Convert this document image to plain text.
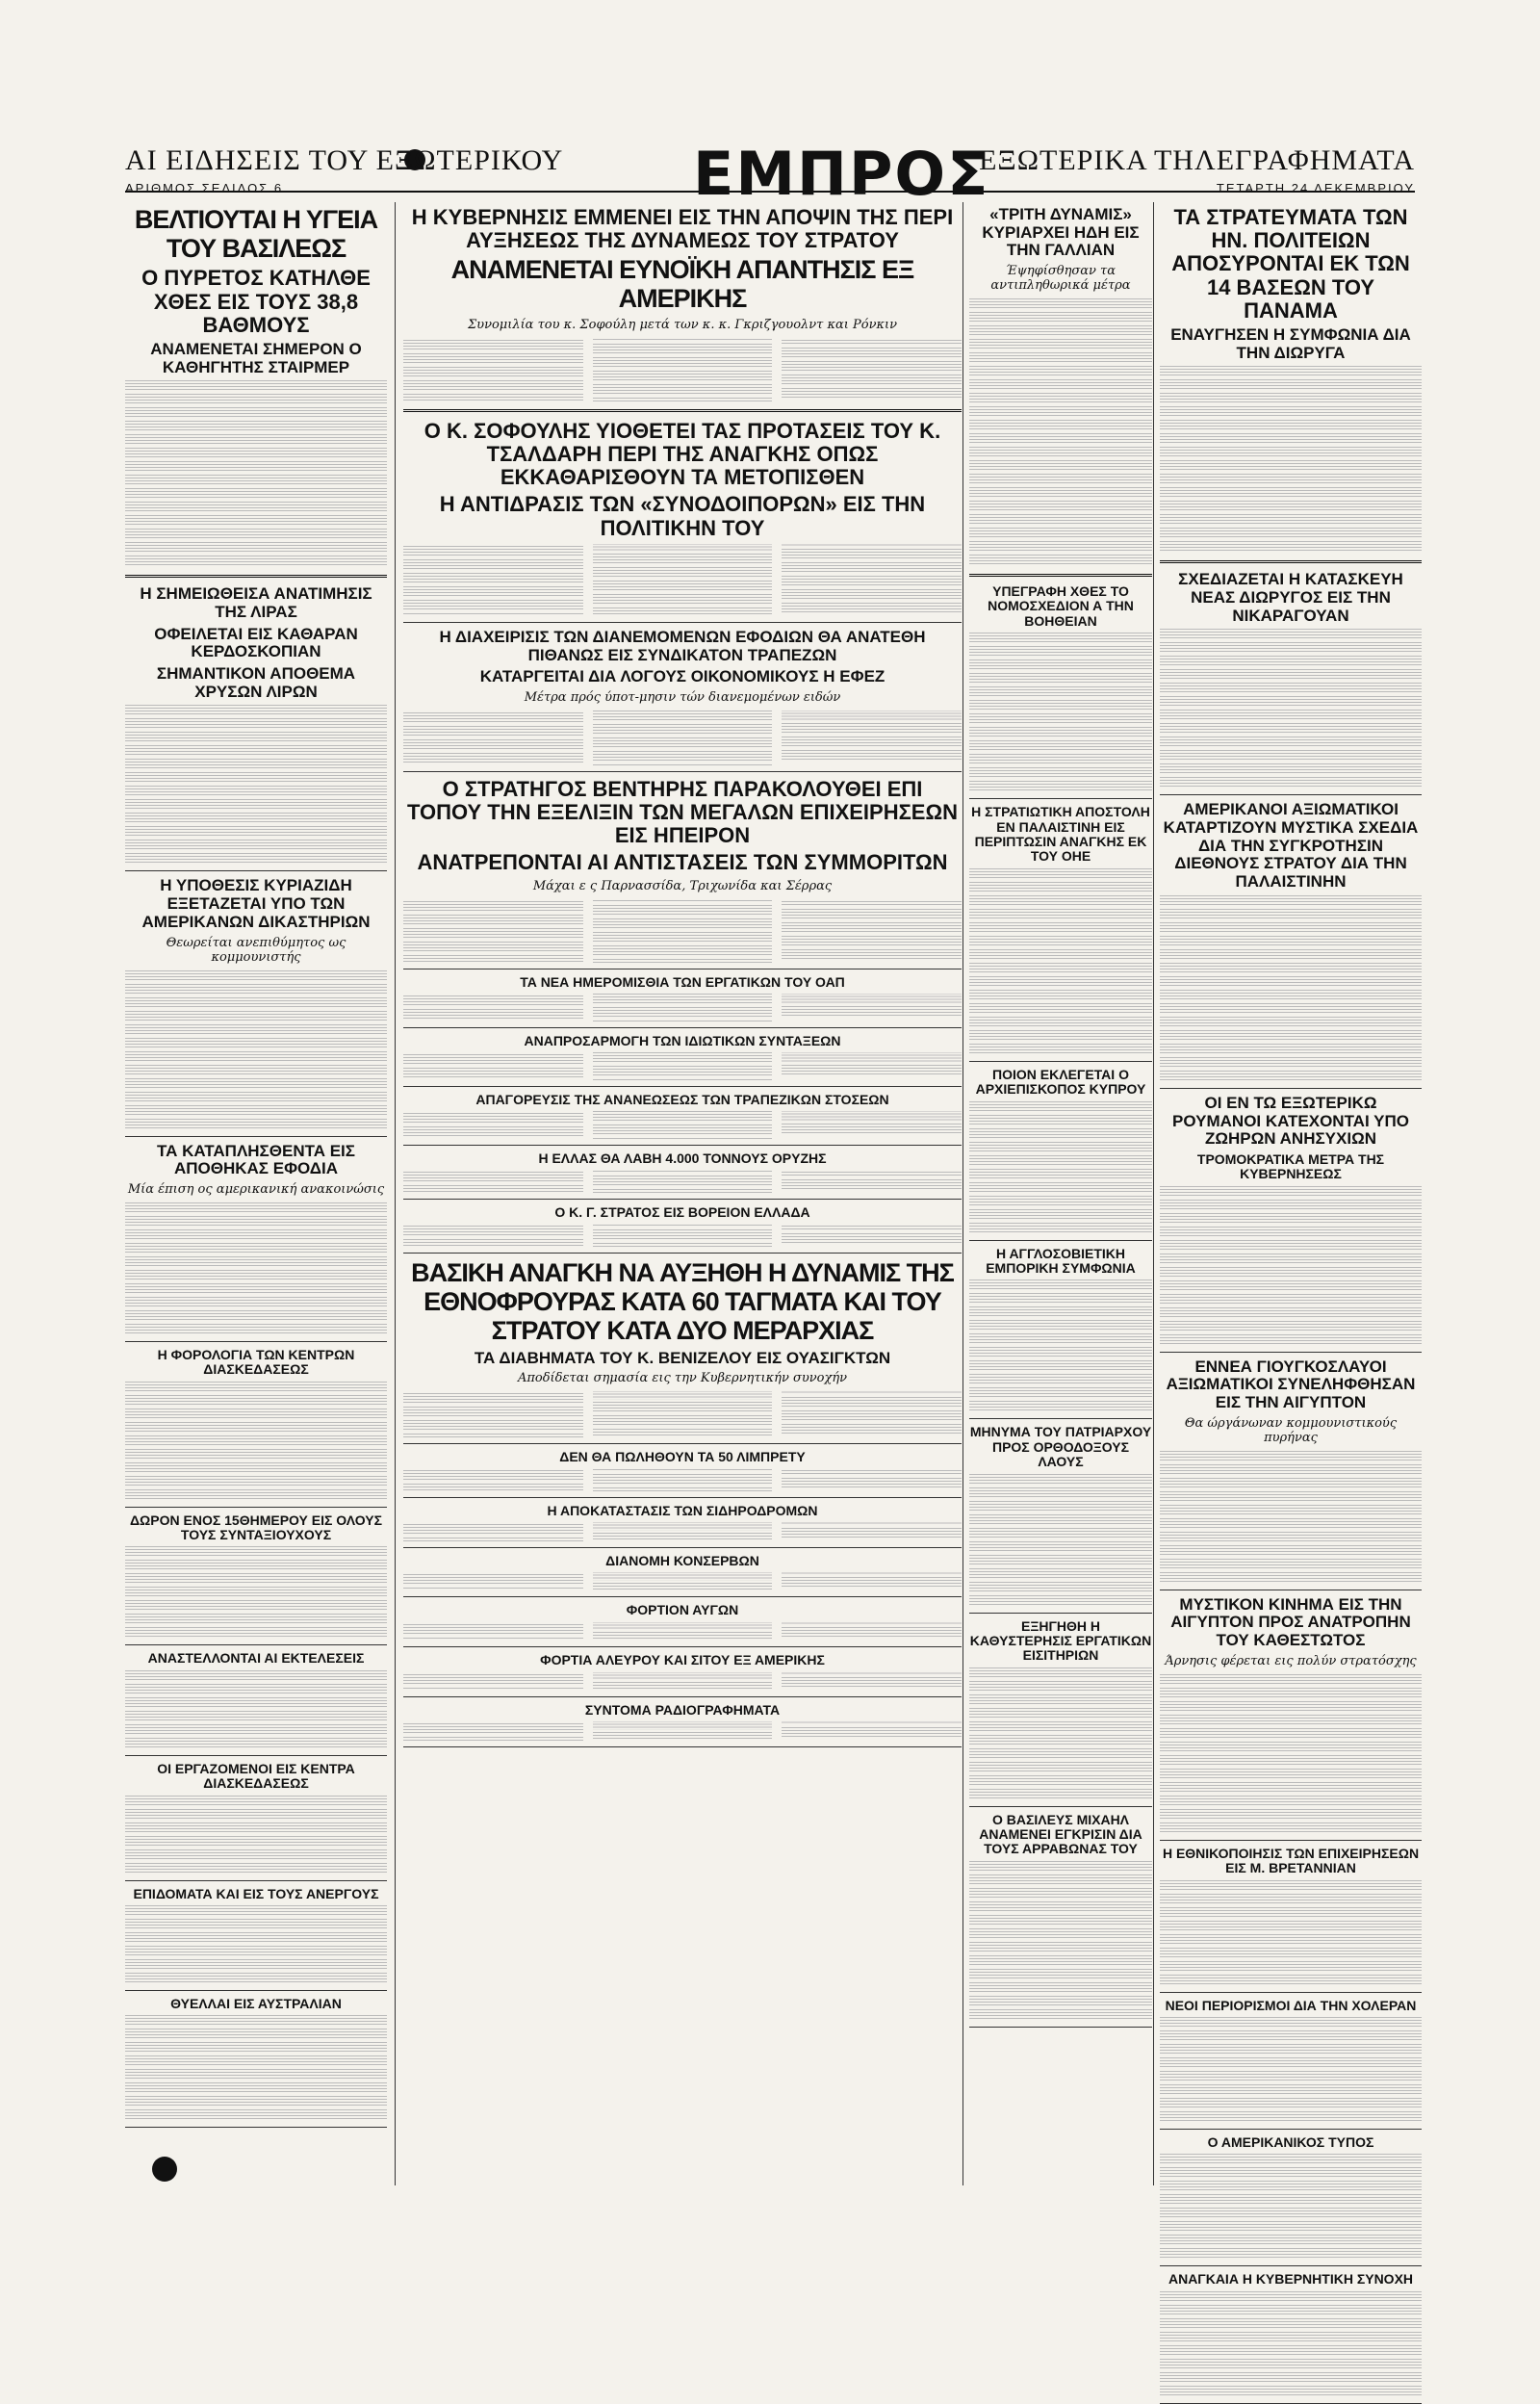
ΑΙ ΕΙΔΗΣΕΙΣ ΤΟΥ ΕΞΩΤΕΡΙΚΟΥ
ΑΡΙΘΜΟΣ ΣΕΛΙΔΟΣ 6	ΕΜΠΡΟΣ
ΕΞΩΤΕΡΙΚΑ ΤΗΛΕΓΡΑΦΗΜΑΤΑ
ΤΕΤΑΡΤΗ 24 ΔΕΚΕΜΒΡΙΟΥ
ΒΕΛΤΙΟΥΤΑΙ Η ΥΓΕΙΑ ΤΟΥ ΒΑΣΙΛΕΩΣ
Ο ΠΥΡΕΤΟΣ ΚΑΤΗΛΘΕ ΧΘΕΣ ΕΙΣ ΤΟΥΣ 38,8 ΒΑΘΜΟΥΣ
ΑΝΑΜΕΝΕΤΑΙ ΣΗΜΕΡΟΝ Ο ΚΑΘΗΓΗΤΗΣ ΣΤΑΙΡΜΕΡ
Η ΣΗΜΕΙΩΘΕΙΣΑ ΑΝΑΤΙΜΗΣΙΣ ΤΗΣ ΛΙΡΑΣ
ΟΦΕΙΛΕΤΑΙ ΕΙΣ ΚΑΘΑΡΑΝ ΚΕΡΔΟΣΚΟΠΙΑΝ
ΣΗΜΑΝΤΙΚΟΝ ΑΠΟΘΕΜΑ ΧΡΥΣΩΝ ΛΙΡΩΝ
Η ΥΠΟΘΕΣΙΣ ΚΥΡΙΑΖΙΔΗ ΕΞΕΤΑΖΕΤΑΙ ΥΠΟ ΤΩΝ ΑΜΕΡΙΚΑΝΩΝ ΔΙΚΑΣΤΗΡΙΩΝ
Θεωρείται ανεπιθύμητος ως κομμουνιστής
ΤΑ ΚΑΤΑΠΛΗΣΘΕΝΤΑ ΕΙΣ ΑΠΟΘΗΚΑΣ ΕΦΟΔΙΑ
Μία έπιση ος αμερικανική ανακοινώσις
Η ΦΟΡΟΛΟΓΙΑ ΤΩΝ ΚΕΝΤΡΩΝ ΔΙΑΣΚΕΔΑΣΕΩΣ
ΔΩΡΟΝ ΕΝΟΣ 15ΘΗΜΕΡΟΥ ΕΙΣ ΟΛΟΥΣ ΤΟΥΣ ΣΥΝΤΑΞΙΟΥΧΟΥΣ
ΑΝΑΣΤΕΛΛΟΝΤΑΙ ΑΙ ΕΚΤΕΛΕΣΕΙΣ
ΟΙ ΕΡΓΑΖΟΜΕΝΟΙ ΕΙΣ ΚΕΝΤΡΑ ΔΙΑΣΚΕΔΑΣΕΩΣ
ΕΠΙΔΟΜΑΤΑ ΚΑΙ ΕΙΣ ΤΟΥΣ ΑΝΕΡΓΟΥΣ
ΘΥΕΛΛΑΙ ΕΙΣ ΑΥΣΤΡΑΛΙΑΝ
Η ΚΥΒΕΡΝΗΣΙΣ ΕΜΜΕΝΕΙ ΕΙΣ ΤΗΝ ΑΠΟΨΙΝ ΤΗΣ ΠΕΡΙ ΑΥΞΗΣΕΩΣ ΤΗΣ ΔΥΝΑΜΕΩΣ ΤΟΥ ΣΤΡΑΤΟΥ
ΑΝΑΜΕΝΕΤΑΙ ΕΥΝΟΪΚΗ ΑΠΑΝΤΗΣΙΣ ΕΞ ΑΜΕΡΙΚΗΣ
Συνομιλία του κ. Σοφούλη μετά των κ. κ. Γκριζγουολντ και Ρόνκιν
Ο Κ. ΣΟΦΟΥΛΗΣ ΥΙΟΘΕΤΕΙ ΤΑΣ ΠΡΟΤΑΣΕΙΣ ΤΟΥ Κ. ΤΣΑΛΔΑΡΗ ΠΕΡΙ ΤΗΣ ΑΝΑΓΚΗΣ ΟΠΩΣ ΕΚΚΑΘΑΡΙΣΘΟΥΝ ΤΑ ΜΕΤΟΠΙΣΘΕΝ
Η ΑΝΤΙΔΡΑΣΙΣ ΤΩΝ «ΣΥΝΟΔΟΙΠΟΡΩΝ» ΕΙΣ ΤΗΝ ΠΟΛΙΤΙΚΗΝ ΤΟΥ
Η ΔΙΑΧΕΙΡΙΣΙΣ ΤΩΝ ΔΙΑΝΕΜΟΜΕΝΩΝ ΕΦΟΔΙΩΝ ΘΑ ΑΝΑΤΕΘΗ ΠΙΘΑΝΩΣ ΕΙΣ ΣΥΝΔΙΚΑΤΟΝ ΤΡΑΠΕΖΩΝ
ΚΑΤΑΡΓΕΙΤΑΙ ΔΙΑ ΛΟΓΟΥΣ ΟΙΚΟΝΟΜΙΚΟΥΣ Η ΕΦΕΖ
Μέτρα πρός ύποτ-μησιν τών διανεμομένων ειδών
Ο ΣΤΡΑΤΗΓΟΣ ΒΕΝΤΗΡΗΣ ΠΑΡΑΚΟΛΟΥΘΕΙ ΕΠΙ ΤΟΠΟΥ ΤΗΝ ΕΞΕΛΙΞΙΝ ΤΩΝ ΜΕΓΑΛΩΝ ΕΠΙΧΕΙΡΗΣΕΩΝ ΕΙΣ ΗΠΕΙΡΟΝ
ΑΝΑΤΡΕΠΟΝΤΑΙ ΑΙ ΑΝΤΙΣΤΑΣΕΙΣ ΤΩΝ ΣΥΜΜΟΡΙΤΩΝ
Μάχαι ε ς Παρνασσίδα, Τριχωνίδα και Σέρρας
ΤΑ ΝΕΑ ΗΜΕΡΟΜΙΣΘΙΑ ΤΩΝ ΕΡΓΑΤΙΚΩΝ ΤΟΥ ΟΑΠ
ΑΝΑΠΡΟΣΑΡΜΟΓΗ ΤΩΝ ΙΔΙΩΤΙΚΩΝ ΣΥΝΤΑΞΕΩΝ
ΑΠΑΓΟΡΕΥΣΙΣ ΤΗΣ ΑΝΑΝΕΩΣΕΩΣ ΤΩΝ ΤΡΑΠΕΖΙΚΩΝ ΣΤΟΣΕΩΝ
Η ΕΛΛΑΣ ΘΑ ΛΑΒΗ 4.000 ΤΟΝΝΟΥΣ ΟΡΥΖΗΣ
Ο Κ. Γ. ΣΤΡΑΤΟΣ ΕΙΣ ΒΟΡΕΙΟΝ ΕΛΛΑΔΑ
ΒΑΣΙΚΗ ΑΝΑΓΚΗ ΝΑ ΑΥΞΗΘΗ Η ΔΥΝΑΜΙΣ ΤΗΣ ΕΘΝΟΦΡΟΥΡΑΣ ΚΑΤΑ 60 ΤΑΓΜΑΤΑ ΚΑΙ ΤΟΥ ΣΤΡΑΤΟΥ ΚΑΤΑ ΔΥΟ ΜΕΡΑΡΧΙΑΣ
ΤΑ ΔΙΑΒΗΜΑΤΑ ΤΟΥ Κ. ΒΕΝΙΖΕΛΟΥ ΕΙΣ ΟΥΑΣΙΓΚΤΩΝ
Αποδίδεται σημασία εις την Κυβερνητικήν συνοχήν
ΔΕΝ ΘΑ ΠΩΛΗΘΟΥΝ ΤΑ 50 ΛΙΜΠΡΕΤΥ
Η ΑΠΟΚΑΤΑΣΤΑΣΙΣ ΤΩΝ ΣΙΔΗΡΟΔΡΟΜΩΝ
ΔΙΑΝΟΜΗ ΚΟΝΣΕΡΒΩΝ
ΦΟΡΤΙΟΝ ΑΥΓΩΝ
ΦΟΡΤΙΑ ΑΛΕΥΡΟΥ ΚΑΙ ΣΙΤΟΥ ΕΞ ΑΜΕΡΙΚΗΣ
ΣΥΝΤΟΜΑ ΡΑΔΙΟΓΡΑΦΗΜΑΤΑ
«ΤΡΙΤΗ ΔΥΝΑΜΙΣ» ΚΥΡΙΑΡΧΕΙ ΗΔΗ ΕΙΣ ΤΗΝ ΓΑΛΛΙΑΝ
Έψηφίσθησαν τα αντιπληθωρικά μέτρα
ΥΠΕΓΡΑΦΗ ΧΘΕΣ ΤΟ ΝΟΜΟΣΧΕΔΙΟΝ Α ΤΗΝ ΒΟΗΘΕΙΑΝ
Η ΣΤΡΑΤΙΩΤΙΚΗ ΑΠΟΣΤΟΛΗ ΕΝ ΠΑΛΑΙΣΤΙΝΗ ΕΙΣ ΠΕΡΙΠΤΩΣΙΝ ΑΝΑΓΚΗΣ ΕΚ ΤΟΥ ΟΗΕ
ΠΟΙΟΝ ΕΚΛΕΓΕΤΑΙ Ο ΑΡΧΙΕΠΙΣΚΟΠΟΣ ΚΥΠΡΟΥ
Η ΑΓΓΛΟΣΟΒΙΕΤΙΚΗ ΕΜΠΟΡΙΚΗ ΣΥΜΦΩΝΙΑ
ΜΗΝΥΜΑ ΤΟΥ ΠΑΤΡΙΑΡΧΟΥ ΠΡΟΣ ΟΡΘΟΔΟΞΟΥΣ ΛΑΟΥΣ
ΕΞΗΓΗΘΗ Η ΚΑΘΥΣΤΕΡΗΣΙΣ ΕΡΓΑΤΙΚΩΝ ΕΙΣΙΤΗΡΙΩΝ
Ο ΒΑΣΙΛΕΥΣ ΜΙΧΑΗΛ ΑΝΑΜΕΝΕΙ ΕΓΚΡΙΣΙΝ ΔΙΑ ΤΟΥΣ ΑΡΡΑΒΩΝΑΣ ΤΟΥ
ΤΑ ΣΤΡΑΤΕΥΜΑΤΑ ΤΩΝ ΗΝ. ΠΟΛΙΤΕΙΩΝ ΑΠΟΣΥΡΟΝΤΑΙ ΕΚ ΤΩΝ 14 ΒΑΣΕΩΝ ΤΟΥ ΠΑΝΑΜΑ
ΕΝΑΥΓΗΣΕΝ Η ΣΥΜΦΩΝΙΑ ΔΙΑ ΤΗΝ ΔΙΩΡΥΓΑ
ΣΧΕΔΙΑΖΕΤΑΙ Η ΚΑΤΑΣΚΕΥΗ ΝΕΑΣ ΔΙΩΡΥΓΟΣ ΕΙΣ ΤΗΝ ΝΙΚΑΡΑΓΟΥΑΝ
ΑΜΕΡΙΚΑΝΟΙ ΑΞΙΩΜΑΤΙΚΟΙ ΚΑΤΑΡΤΙΖΟΥΝ ΜΥΣΤΙΚΑ ΣΧΕΔΙΑ ΔΙΑ ΤΗΝ ΣΥΓΚΡΟΤΗΣΙΝ ΔΙΕΘΝΟΥΣ ΣΤΡΑΤΟΥ ΔΙΑ ΤΗΝ ΠΑΛΑΙΣΤΙΝΗΝ
ΟΙ ΕΝ ΤΩ ΕΞΩΤΕΡΙΚΩ ΡΟΥΜΑΝΟΙ ΚΑΤΕΧΟΝΤΑΙ ΥΠΟ ΖΩΗΡΩΝ ΑΝΗΣΥΧΙΩΝ
ΤΡΟΜΟΚΡΑΤΙΚΑ ΜΕΤΡΑ ΤΗΣ ΚΥΒΕΡΝΗΣΕΩΣ
ΕΝΝΕΑ ΓΙΟΥΓΚΟΣΛΑΥΟΙ ΑΞΙΩΜΑΤΙΚΟΙ ΣΥΝΕΛΗΦΘΗΣΑΝ ΕΙΣ ΤΗΝ ΑΙΓΥΠΤΟΝ
Θα ώργάνωναν κομμουνιστικούς πυρήνας
ΜΥΣΤΙΚΟΝ ΚΙΝΗΜΑ ΕΙΣ ΤΗΝ ΑΙΓΥΠΤΟΝ ΠΡΟΣ ΑΝΑΤΡΟΠΗΝ ΤΟΥ ΚΑΘΕΣΤΩΤΟΣ
Άρνησις φέρεται εις πολύν στρατόσχης
Η ΕΘΝΙΚΟΠΟΙΗΣΙΣ ΤΩΝ ΕΠΙΧΕΙΡΗΣΕΩΝ ΕΙΣ Μ. ΒΡΕΤΑΝΝΙΑΝ
ΝΕΟΙ ΠΕΡΙΟΡΙΣΜΟΙ ΔΙΑ ΤΗΝ ΧΟΛΕΡΑΝ
Ο ΑΜΕΡΙΚΑΝΙΚΟΣ ΤΥΠΟΣ
ΑΝΑΓΚΑΙΑ Η ΚΥΒΕΡΝΗΤΙΚΗ ΣΥΝΟΧΗ
